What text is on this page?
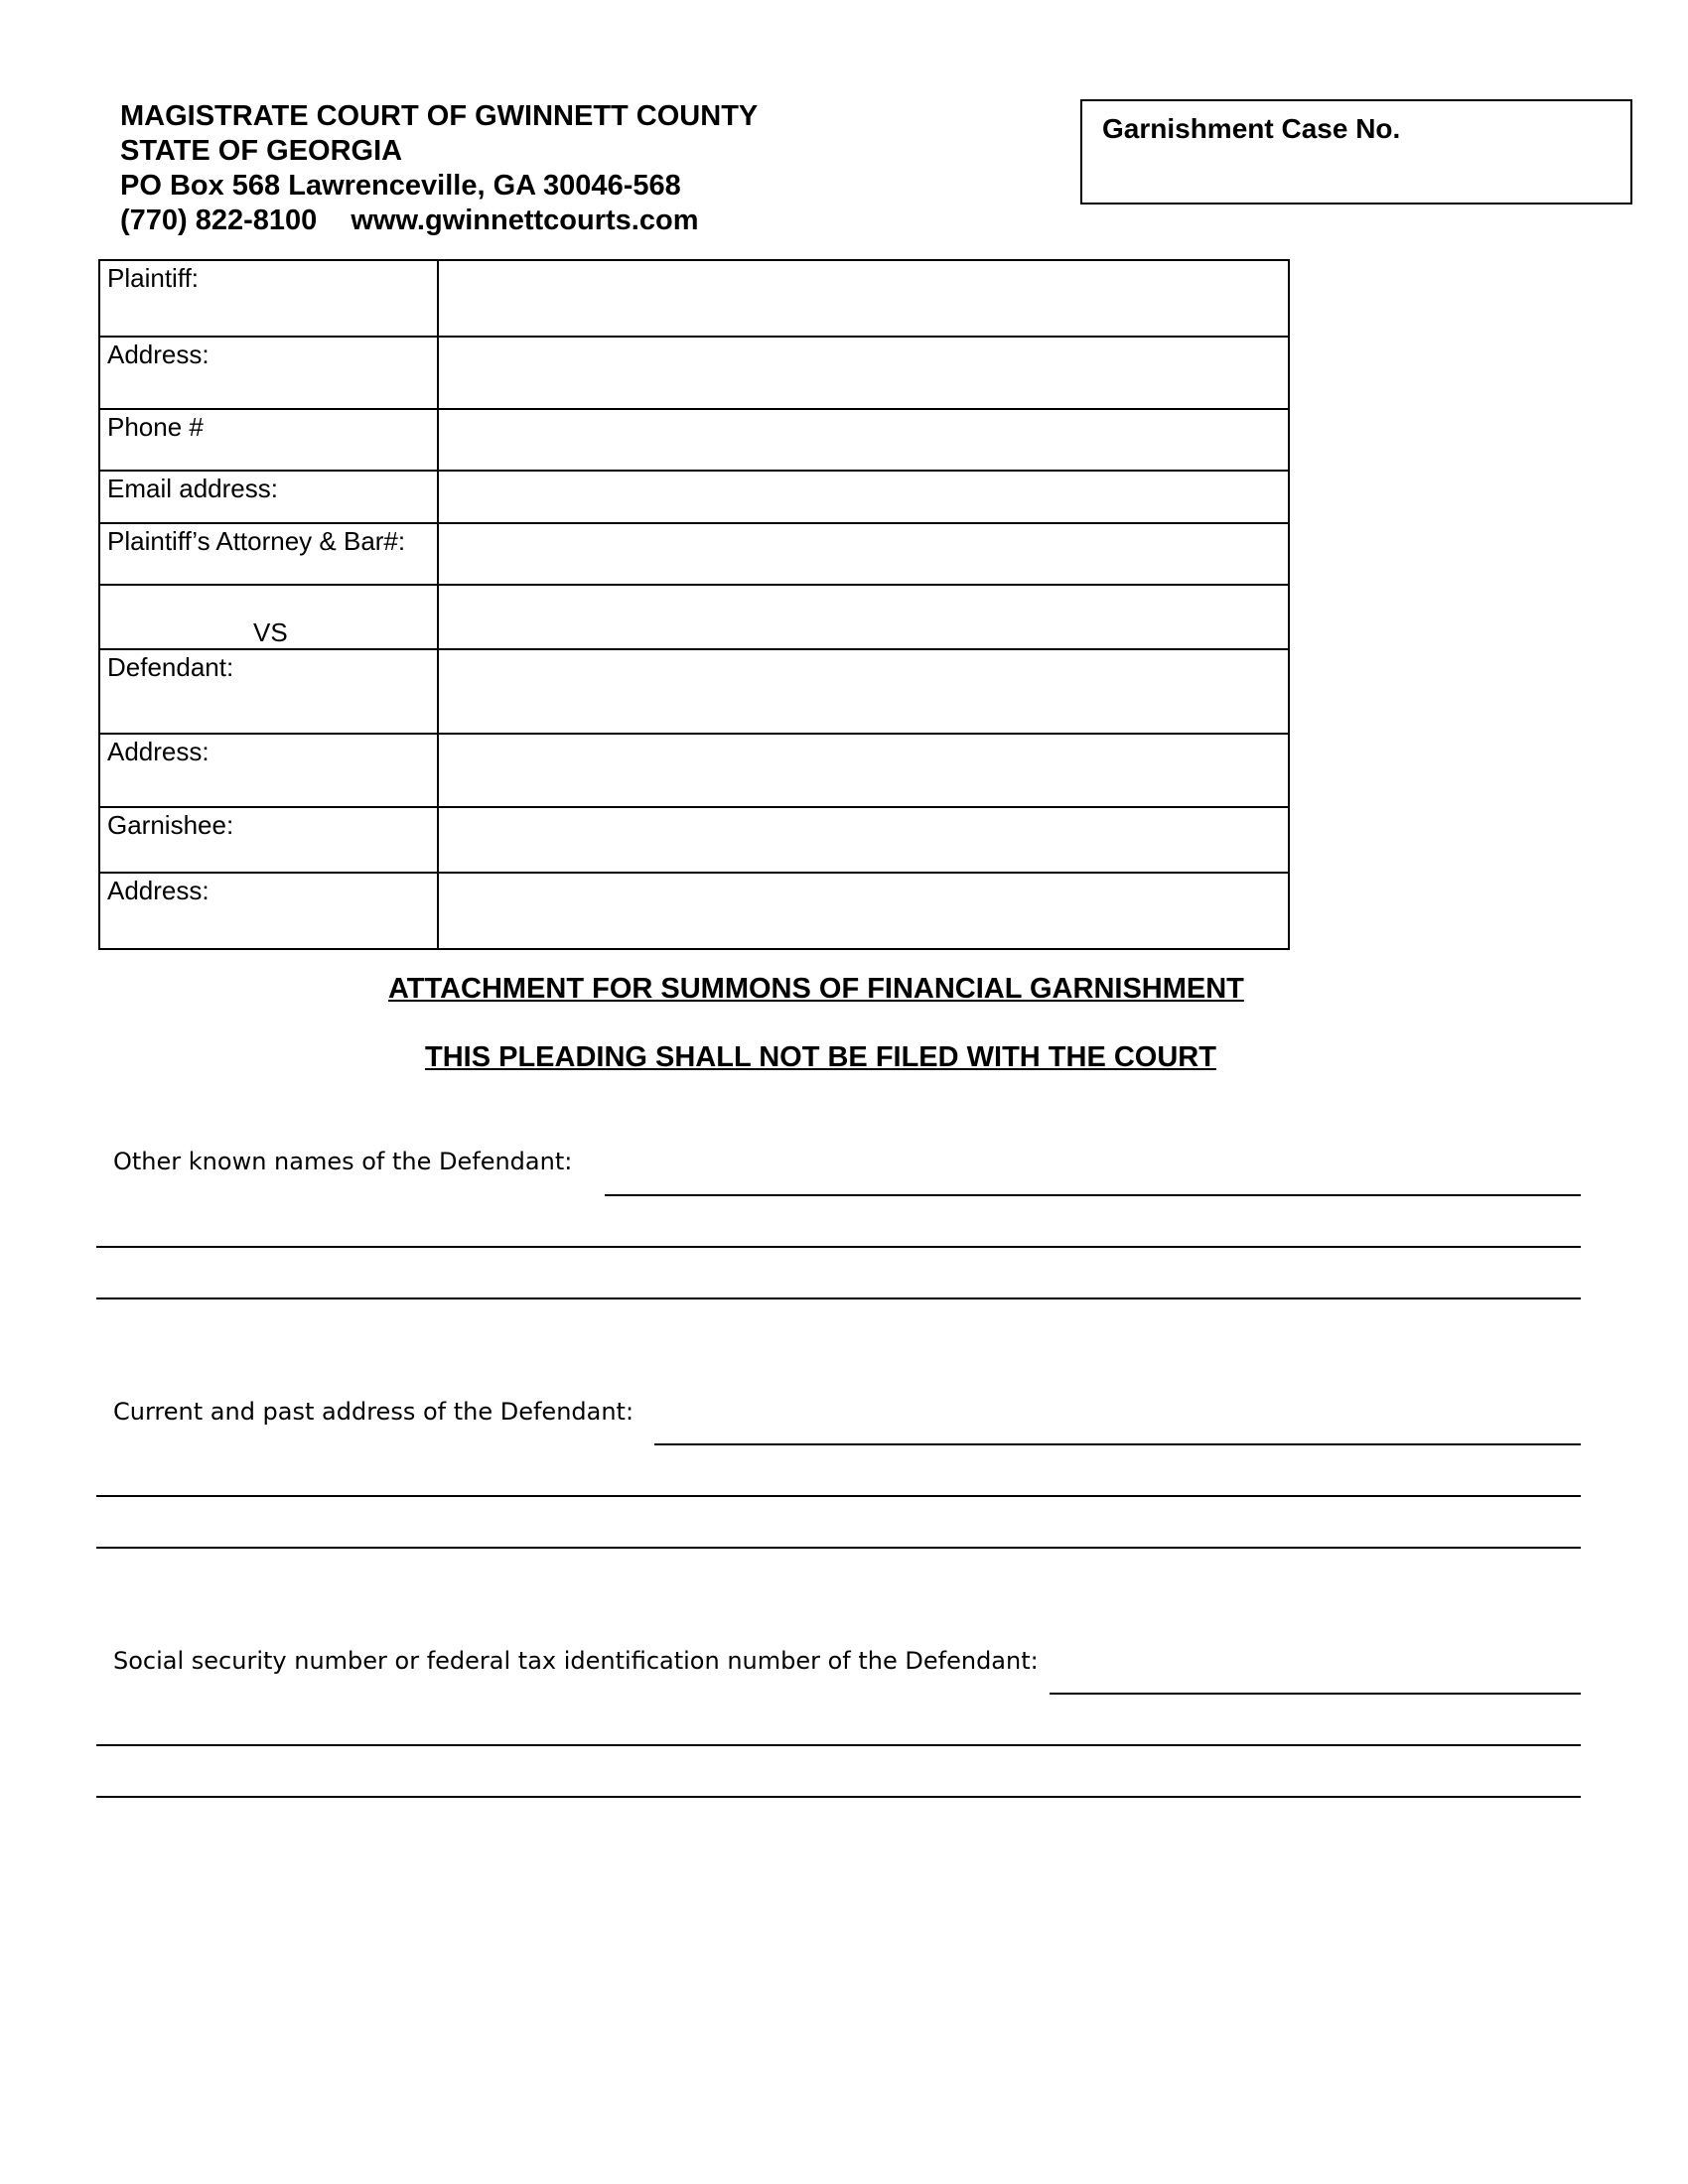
MAGISTRATE COURT OF GWINNETT COUNTY
STATE OF GEORGIA
PO Box 568 Lawrenceville, GA 30046-568
(770) 822-8100 www.gwinnettcourts.com
Garnishment Case No.
Plaintiff:	
Address:	
Phone #	
Email address:	
Plaintiff’s Attorney & Bar#:	

VS	

Defendant:	
Address:	
Garnishee:	
Address:	
ATTACHMENT FOR SUMMONS OF FINANCIAL GARNISHMENT
THIS PLEADING SHALL NOT BE FILED WITH THE COURT
Other known names of the Defendant:
Current and past address of the Defendant:
Social security number or federal tax identification number of the Defendant:
